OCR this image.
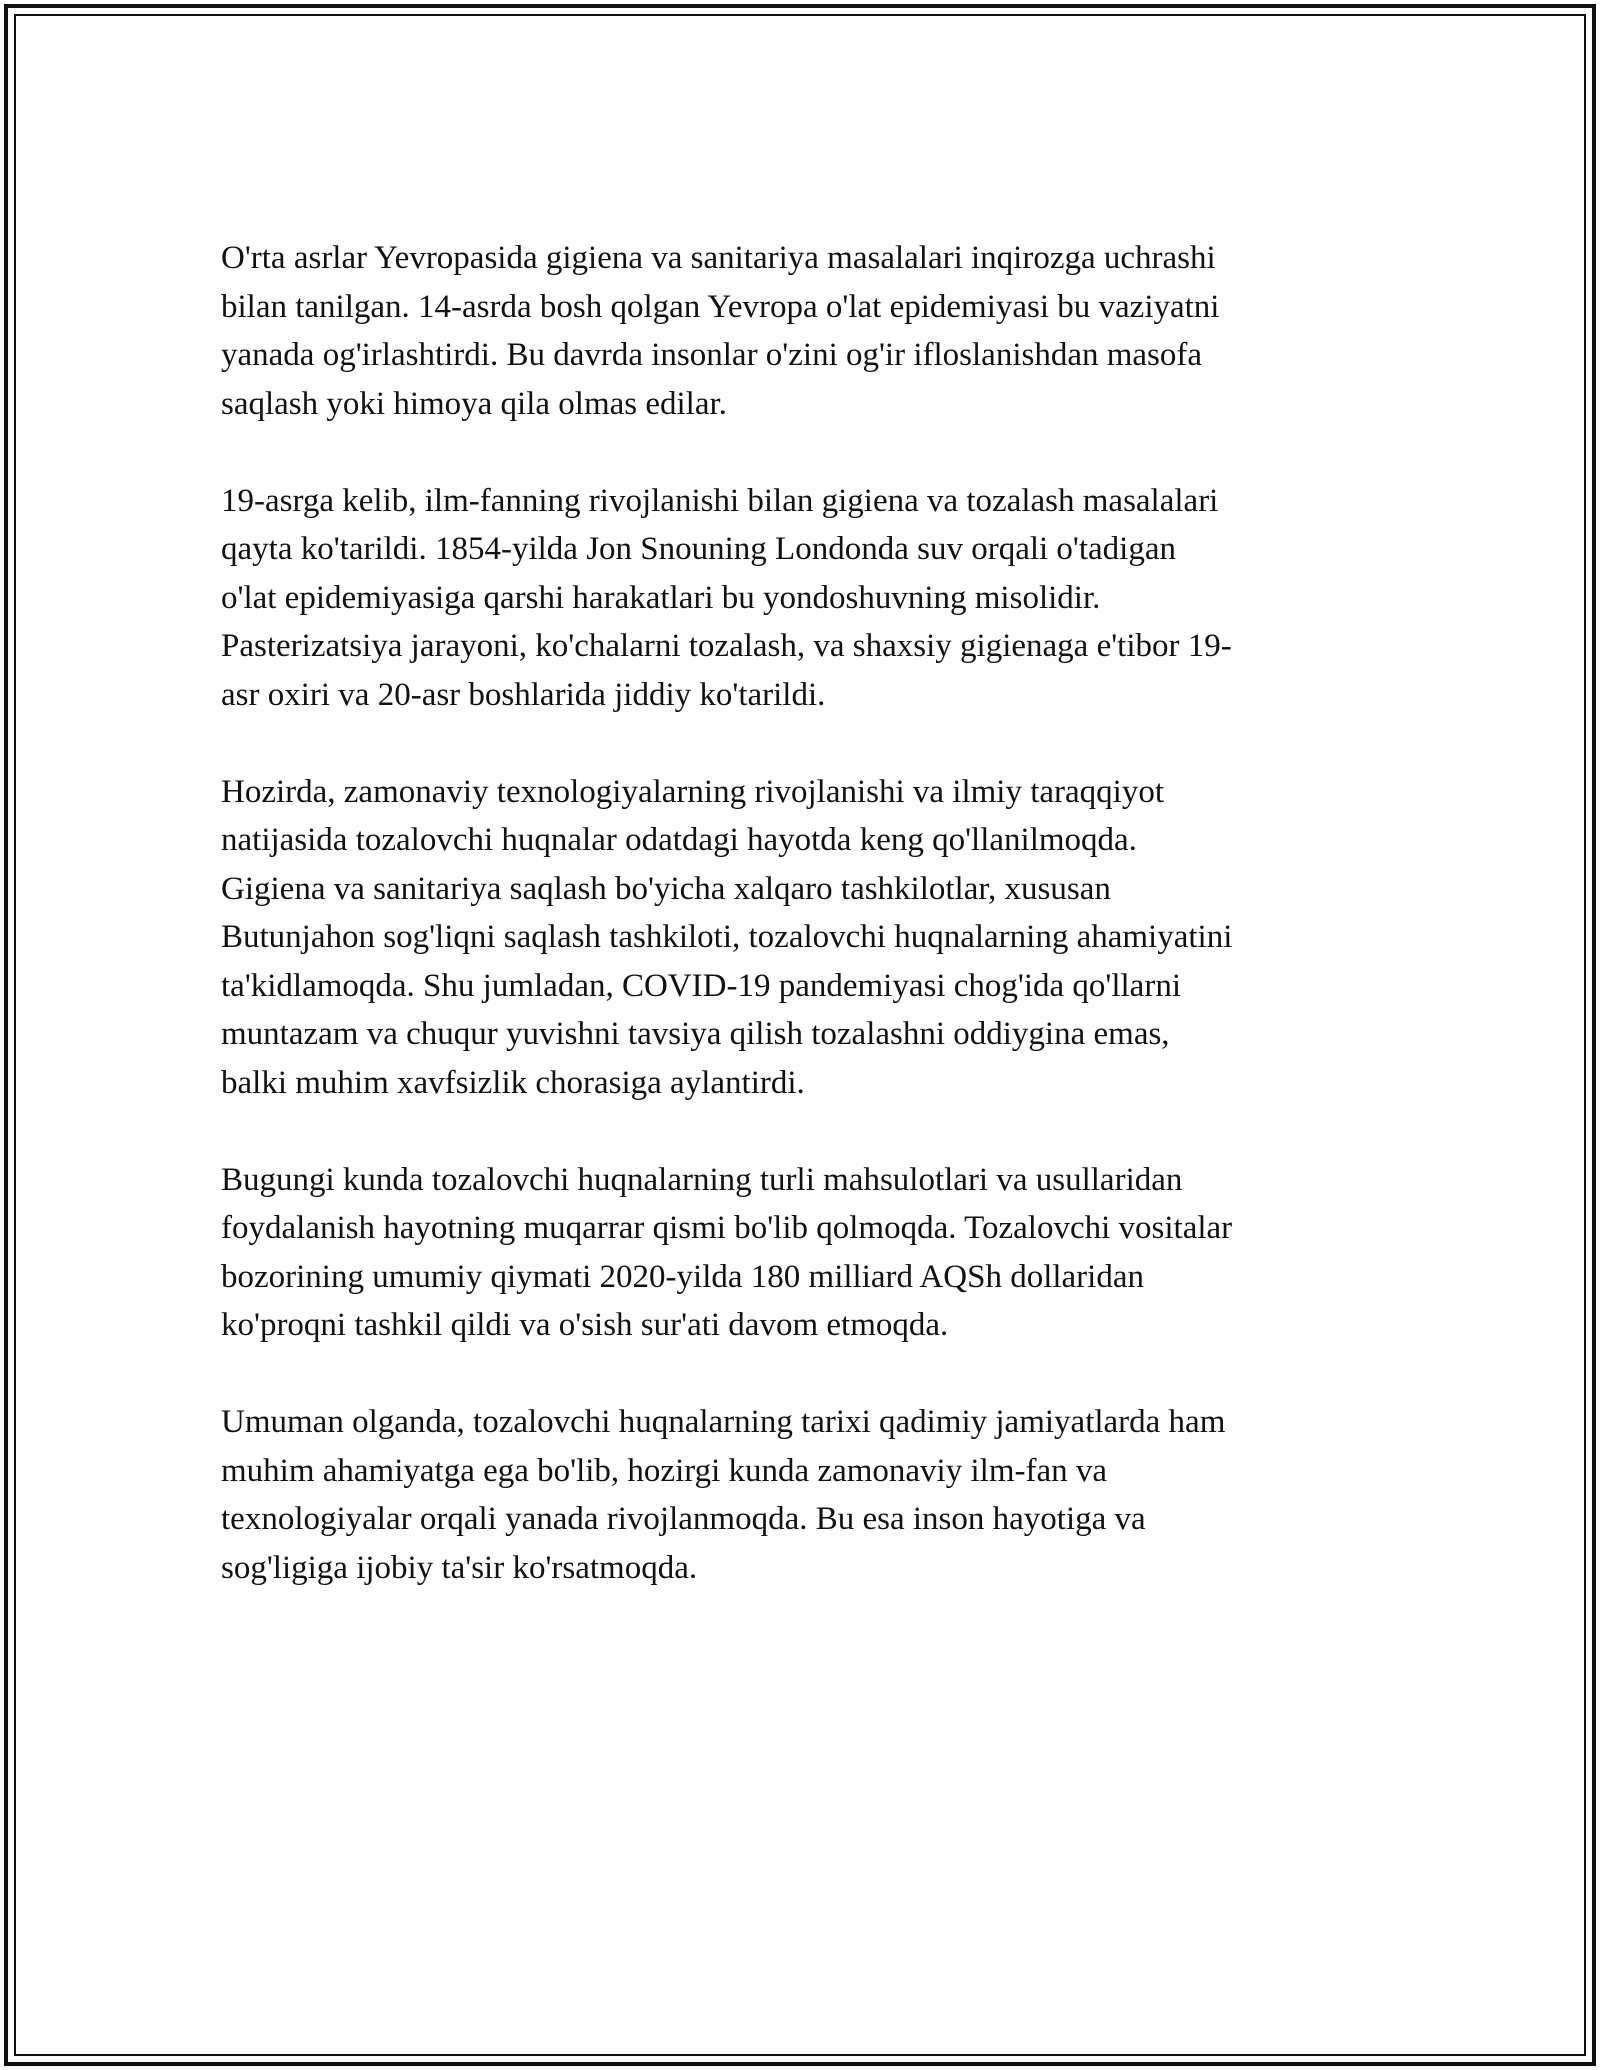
O'rta asrlar Yevropasida gigiena va sanitariya masalalari inqirozga uchrashi
bilan tanilgan. 14-asrda bosh qolgan Yevropa o'lat epidemiyasi bu vaziyatni
yanada og'irlashtirdi. Bu davrda insonlar o'zini og'ir ifloslanishdan masofa
saqlash yoki himoya qila olmas edilar.

19-asrga kelib, ilm-fanning rivojlanishi bilan gigiena va tozalash masalalari
qayta ko'tarildi. 1854-yilda Jon Snouning Londonda suv orqali o'tadigan
o'lat epidemiyasiga qarshi harakatlari bu yondoshuvning misolidir.
Pasterizatsiya jarayoni, ko'chalarni tozalash, va shaxsiy gigienaga e'tibor 19-
asr oxiri va 20-asr boshlarida jiddiy ko'tarildi.

Hozirda, zamonaviy texnologiyalarning rivojlanishi va ilmiy taraqqiyot
natijasida tozalovchi huqnalar odatdagi hayotda keng qo'llanilmoqda.
Gigiena va sanitariya saqlash bo'yicha xalqaro tashkilotlar, xususan
Butunjahon sog'liqni saqlash tashkiloti, tozalovchi huqnalarning ahamiyatini
ta'kidlamoqda. Shu jumladan, COVID-19 pandemiyasi chog'ida qo'llarni
muntazam va chuqur yuvishni tavsiya qilish tozalashni oddiygina emas,
balki muhim xavfsizlik chorasiga aylantirdi.

Bugungi kunda tozalovchi huqnalarning turli mahsulotlari va usullaridan
foydalanish hayotning muqarrar qismi bo'lib qolmoqda. Tozalovchi vositalar
bozorining umumiy qiymati 2020-yilda 180 milliard AQSh dollaridan
ko'proqni tashkil qildi va o'sish sur'ati davom etmoqda.

Umuman olganda, tozalovchi huqnalarning tarixi qadimiy jamiyatlarda ham
muhim ahamiyatga ega bo'lib, hozirgi kunda zamonaviy ilm-fan va
texnologiyalar orqali yanada rivojlanmoqda. Bu esa inson hayotiga va
sog'ligiga ijobiy ta'sir ko'rsatmoqda.
